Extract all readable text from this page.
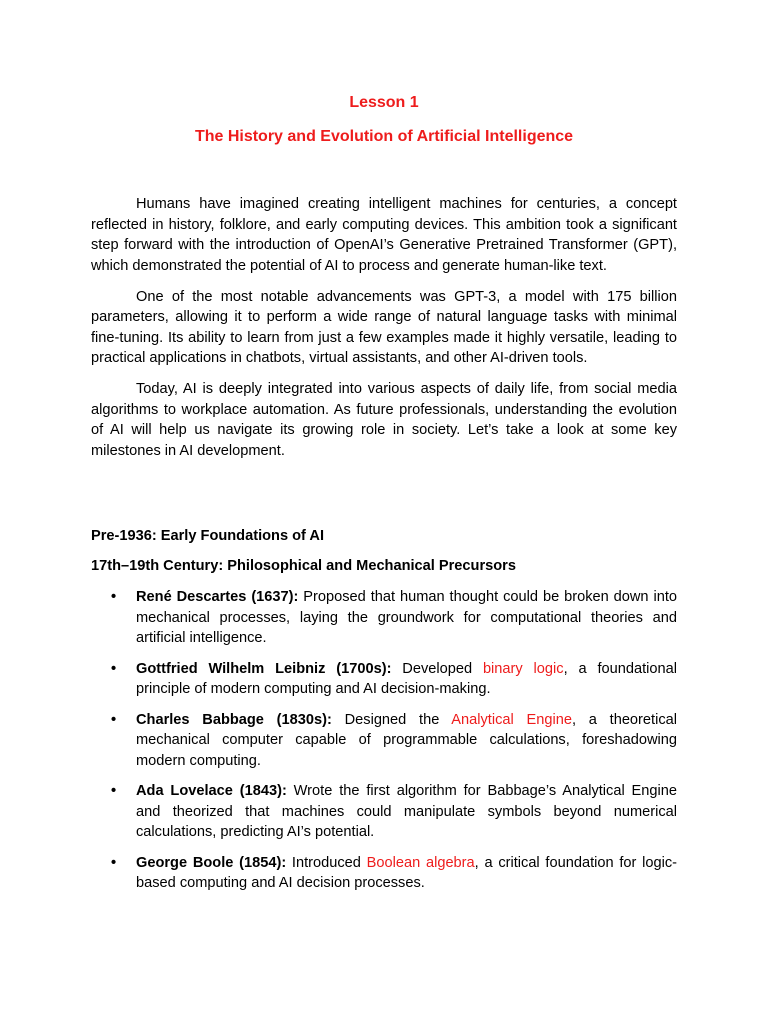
Lesson 1
The History and Evolution of Artificial Intelligence

Humans have imagined creating intelligent machines for centuries, a concept reflected in history, folklore, and early computing devices. This ambition took a significant step forward with the introduction of OpenAI’s Generative Pretrained Transformer (GPT), which demonstrated the potential of AI to process and generate human-like text.

One of the most notable advancements was GPT-3, a model with 175 billion parameters, allowing it to perform a wide range of natural language tasks with minimal fine-tuning. Its ability to learn from just a few examples made it highly versatile, leading to practical applications in chatbots, virtual assistants, and other AI-driven tools.

Today, AI is deeply integrated into various aspects of daily life, from social media algorithms to workplace automation. As future professionals, understanding the evolution of AI will help us navigate its growing role in society. Let’s take a look at some key milestones in AI development.

Pre-1936: Early Foundations of AI

17th–19th Century: Philosophical and Mechanical Precursors

• René Descartes (1637): Proposed that human thought could be broken down into mechanical processes, laying the groundwork for computational theories and artificial intelligence.
• Gottfried Wilhelm Leibniz (1700s): Developed binary logic, a foundational principle of modern computing and AI decision-making.
• Charles Babbage (1830s): Designed the Analytical Engine, a theoretical mechanical computer capable of programmable calculations, foreshadowing modern computing.
• Ada Lovelace (1843): Wrote the first algorithm for Babbage’s Analytical Engine and theorized that machines could manipulate symbols beyond numerical calculations, predicting AI’s potential.
• George Boole (1854): Introduced Boolean algebra, a critical foundation for logic-based computing and AI decision processes.
